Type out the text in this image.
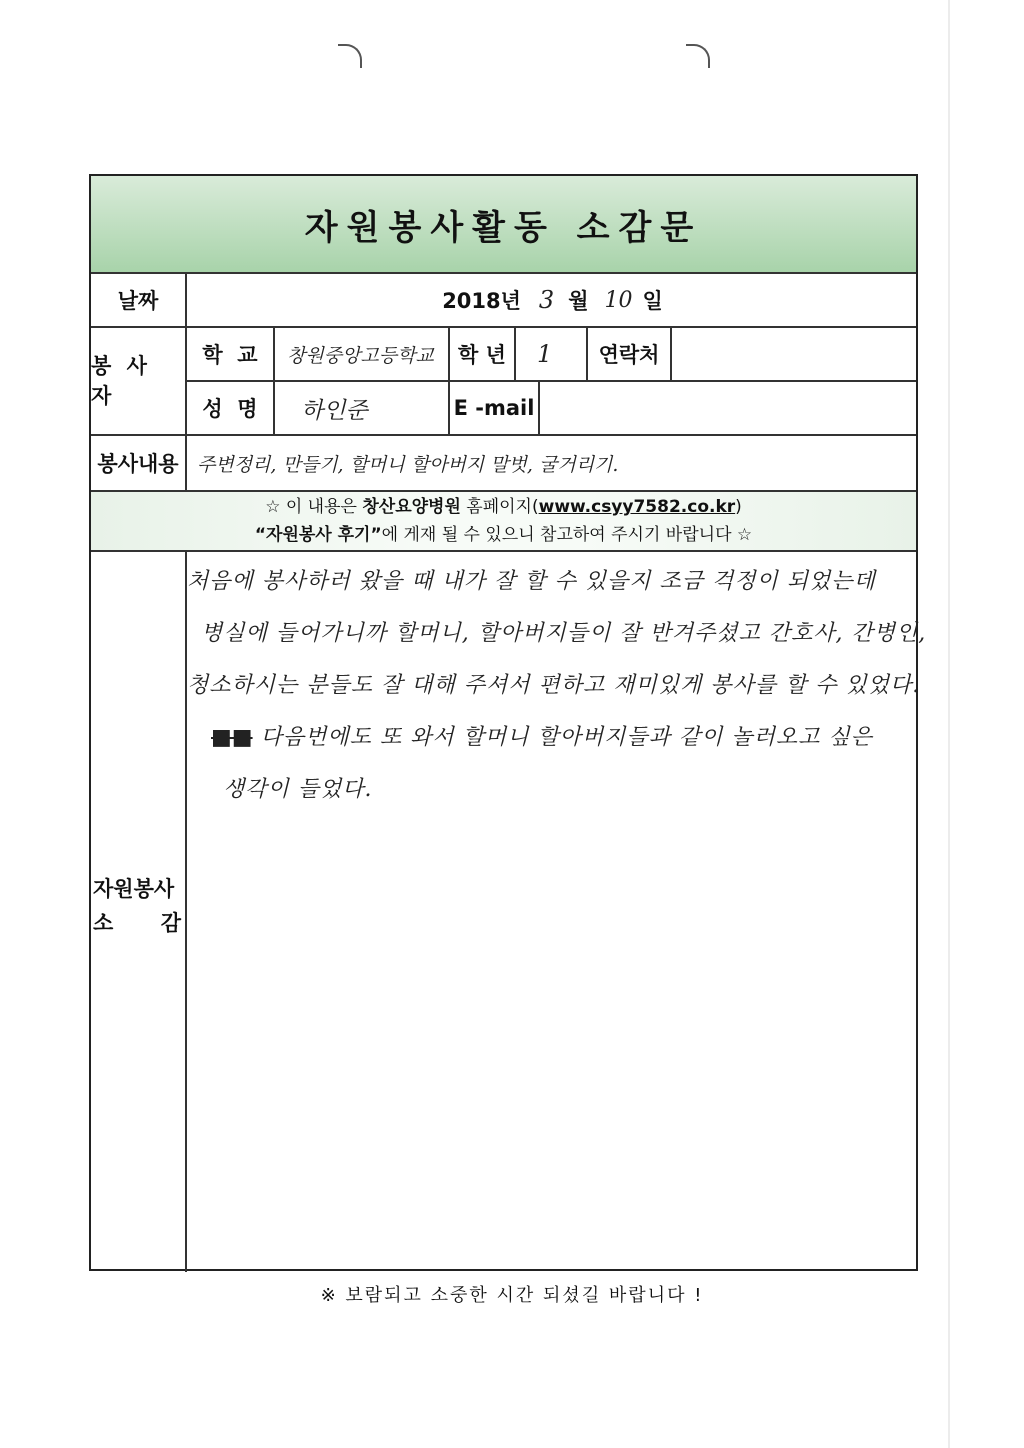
자원봉사활동 소감문
날짜	2018년 3 월 10 일
봉 사 자
학  교	창원중앙고등학교	학 년	1	연락처
성  명	하인준	E -mail
봉사내용 주변정리, 만들기, 할머니 할아버지 말벗, 굴거리기.
☆ 이 내용은 창산요양병원 홈페이지(www.csyy7582.co.kr)
“자원봉사 후기”에 게재 될 수 있으니 참고하여 주시기 바랍니다 ☆
자원봉사
소    감
처음에 봉사하러 왔을 때 내가 잘 할 수 있을지 조금 걱정이 되었는데
병실에 들어가니까 할머니, 할아버지들이 잘 반겨주셨고 간호사, 간병인,
청소하시는 분들도 잘 대해 주셔서 편하고 재미있게 봉사를 할 수 있었다.
■■ 다음번에도 또 와서 할머니 할아버지들과 같이 놀러오고 싶은
생각이 들었다.
※ 보람되고 소중한 시간 되셨길 바랍니다 !
